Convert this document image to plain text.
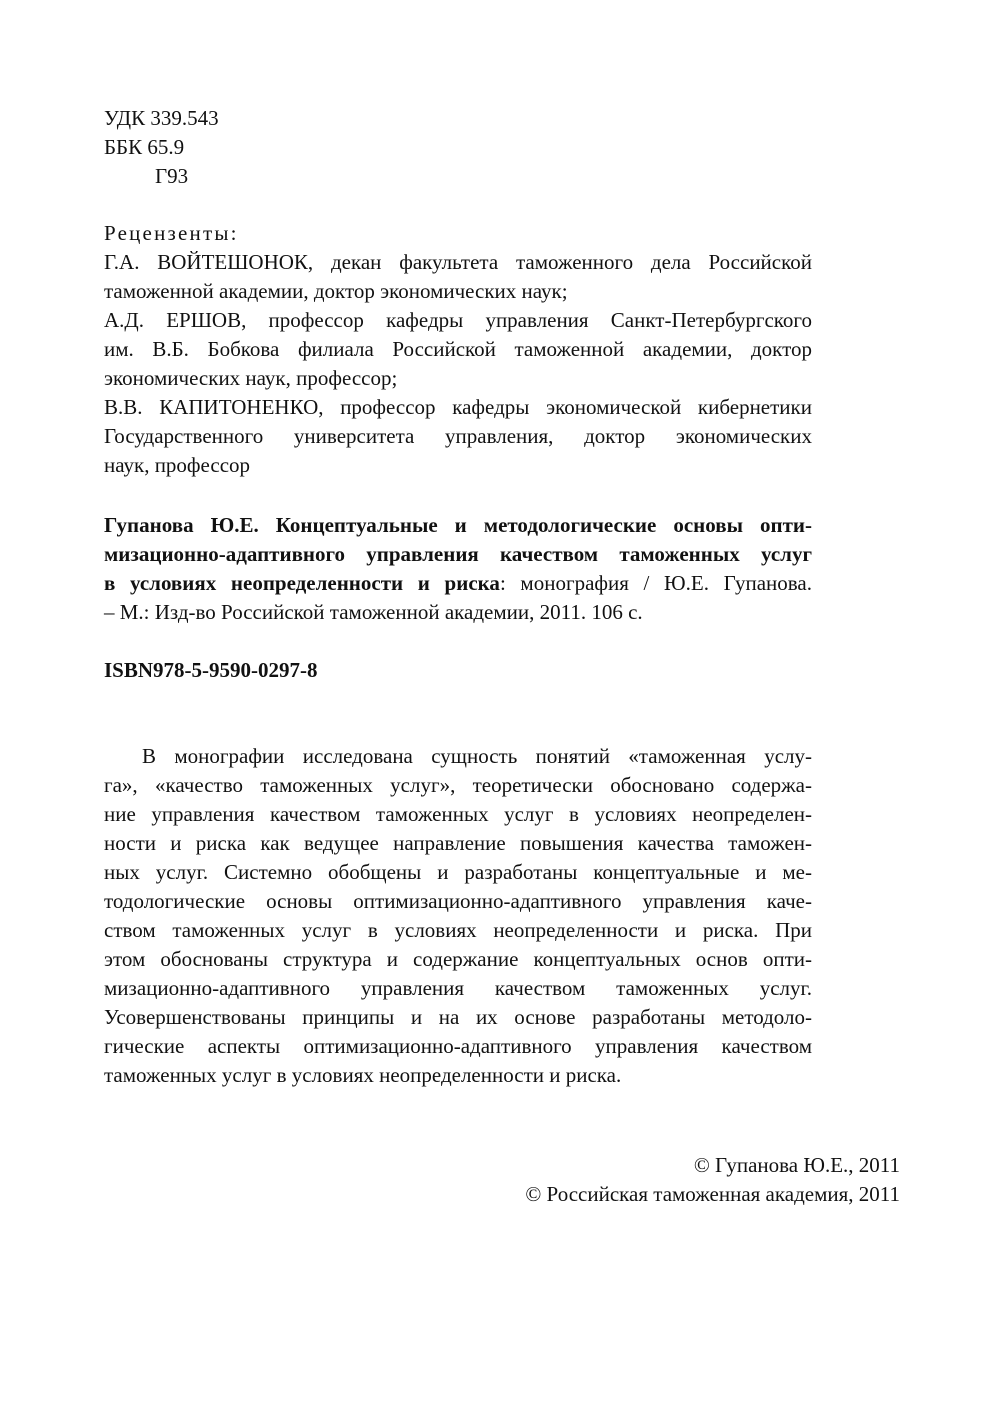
УДК 339.543
ББК 65.9
Г93
Рецензенты:
Г.А. ВОЙТЕШОНОК, декан факультета таможенного дела Российской
таможенной академии, доктор экономических наук;
А.Д. ЕРШОВ, профессор кафедры управления Санкт-Петербургского
им. В.Б. Бобкова филиала Российской таможенной академии, доктор
экономических наук, профессор;
В.В. КАПИТОНЕНКО, профессор кафедры экономической кибернетики
Государственного университета управления, доктор экономических
наук, профессор
Гупанова Ю.Е. Концептуальные и методологические основы опти-
мизационно-адаптивного управления качеством таможенных услуг
в условиях неопределенности и риска: монография / Ю.Е. Гупанова.
– М.: Изд-во Российской таможенной академии, 2011. 106 с.
ISBN978-5-9590-0297-8
В монографии исследована сущность понятий «таможенная услу-
га», «качество таможенных услуг», теоретически обосновано содержа-
ние управления качеством таможенных услуг в условиях неопределен-
ности и риска как ведущее направление повышения качества таможен-
ных услуг. Системно обобщены и разработаны концептуальные и ме-
тодологические основы оптимизационно-адаптивного управления каче-
ством таможенных услуг в условиях неопределенности и риска. При
этом обоснованы структура и содержание концептуальных основ опти-
мизационно-адаптивного управления качеством таможенных услуг.
Усовершенствованы принципы и на их основе разработаны методоло-
гические аспекты оптимизационно-адаптивного управления качеством
таможенных услуг в условиях неопределенности и риска.
© Гупанова Ю.Е., 2011
© Российская таможенная академия, 2011
